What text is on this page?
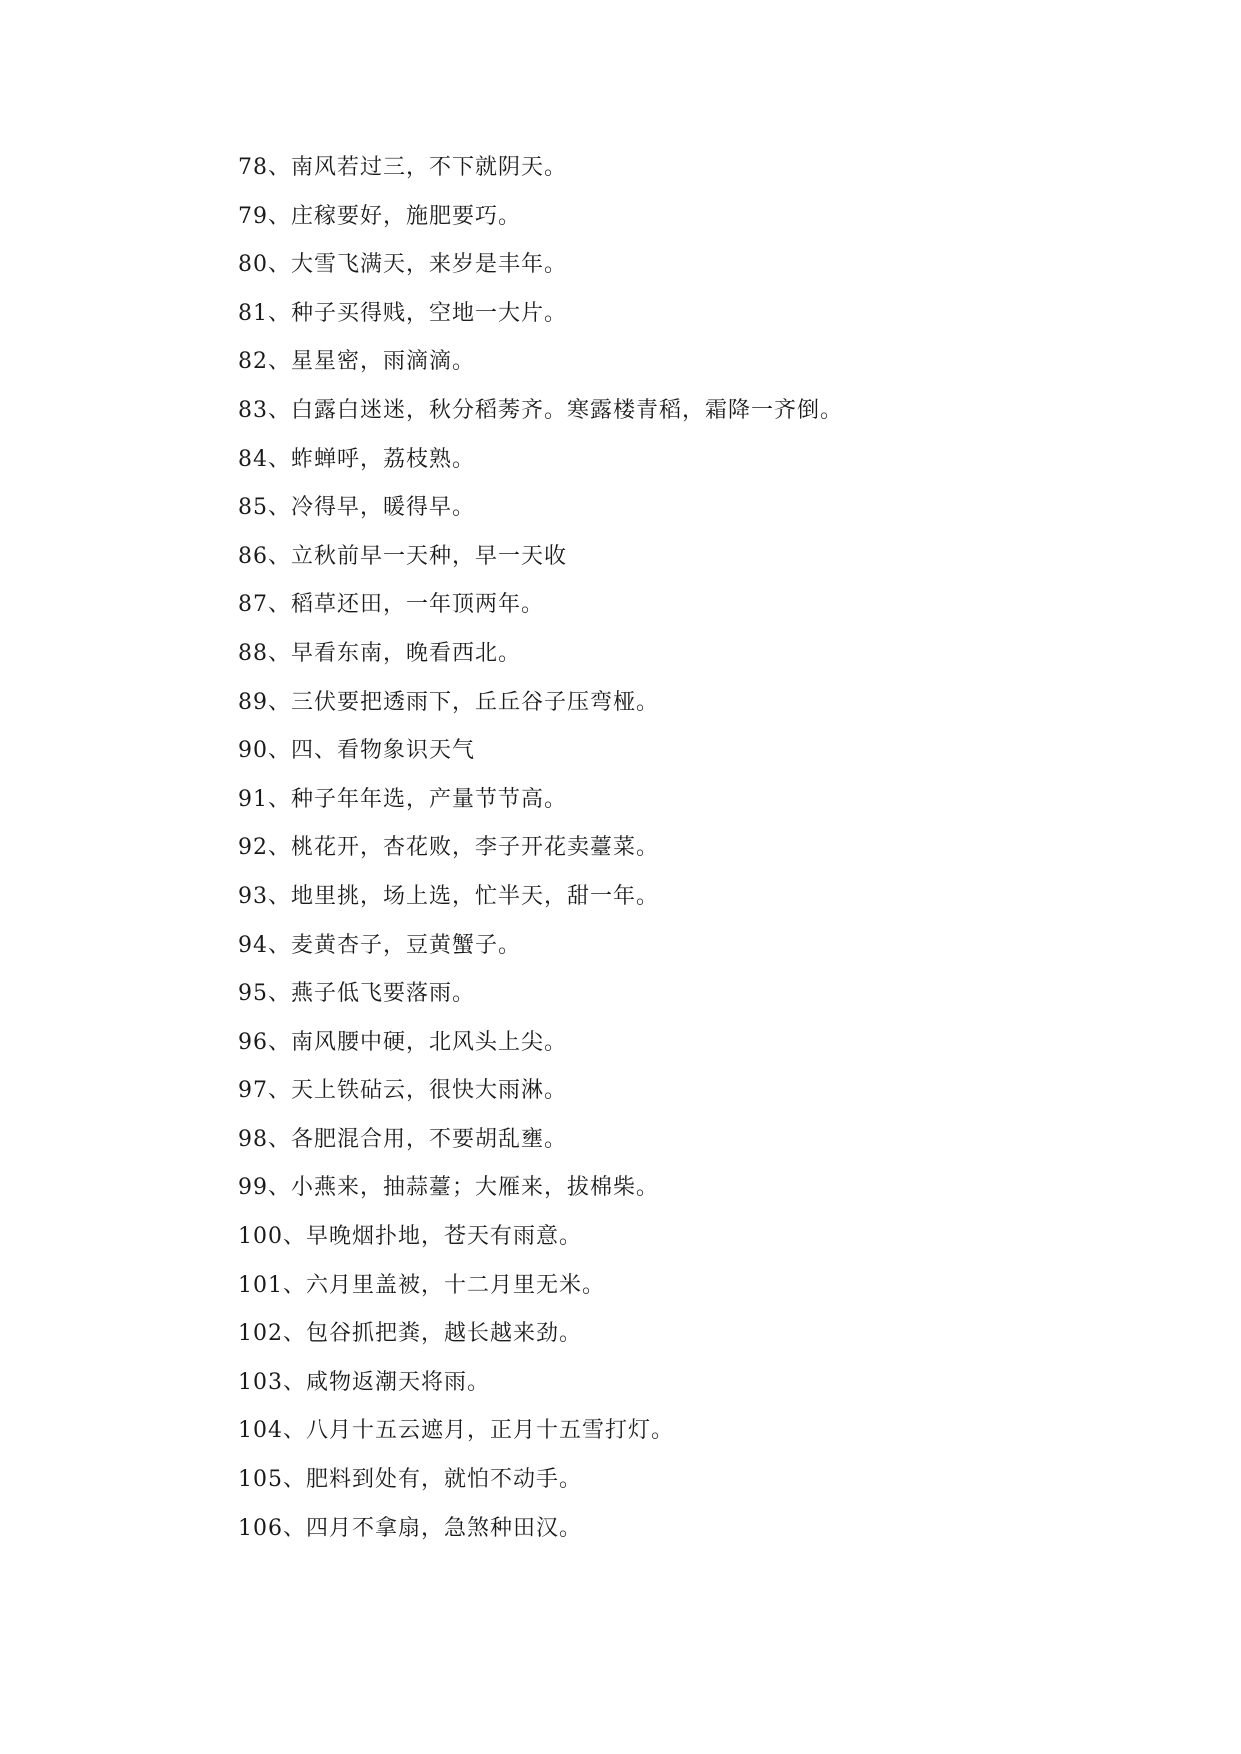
78、南风若过三，不下就阴天。
79、庄稼要好，施肥要巧。
80、大雪飞满天，来岁是丰年。
81、种子买得贱，空地一大片。
82、星星密，雨滴滴。
83、白露白迷迷，秋分稻莠齐。寒露楼青稻，霜降一齐倒。
84、蚱蝉呼，荔枝熟。
85、冷得早，暖得早。
86、立秋前早一天种，早一天收
87、稻草还田，一年顶两年。
88、早看东南，晚看西北。
89、三伏要把透雨下，丘丘谷子压弯桠。
90、四、看物象识天气
91、种子年年选，产量节节高。
92、桃花开，杏花败，李子开花卖薹菜。
93、地里挑，场上选，忙半天，甜一年。
94、麦黄杏子，豆黄蟹子。
95、燕子低飞要落雨。
96、南风腰中硬，北风头上尖。
97、天上铁砧云，很快大雨淋。
98、各肥混合用，不要胡乱壅。
99、小燕来，抽蒜薹；大雁来，拔棉柴。
100、早晚烟扑地，苍天有雨意。
101、六月里盖被，十二月里无米。
102、包谷抓把粪，越长越来劲。
103、咸物返潮天将雨。
104、八月十五云遮月，正月十五雪打灯。
105、肥料到处有，就怕不动手。
106、四月不拿扇，急煞种田汉。
